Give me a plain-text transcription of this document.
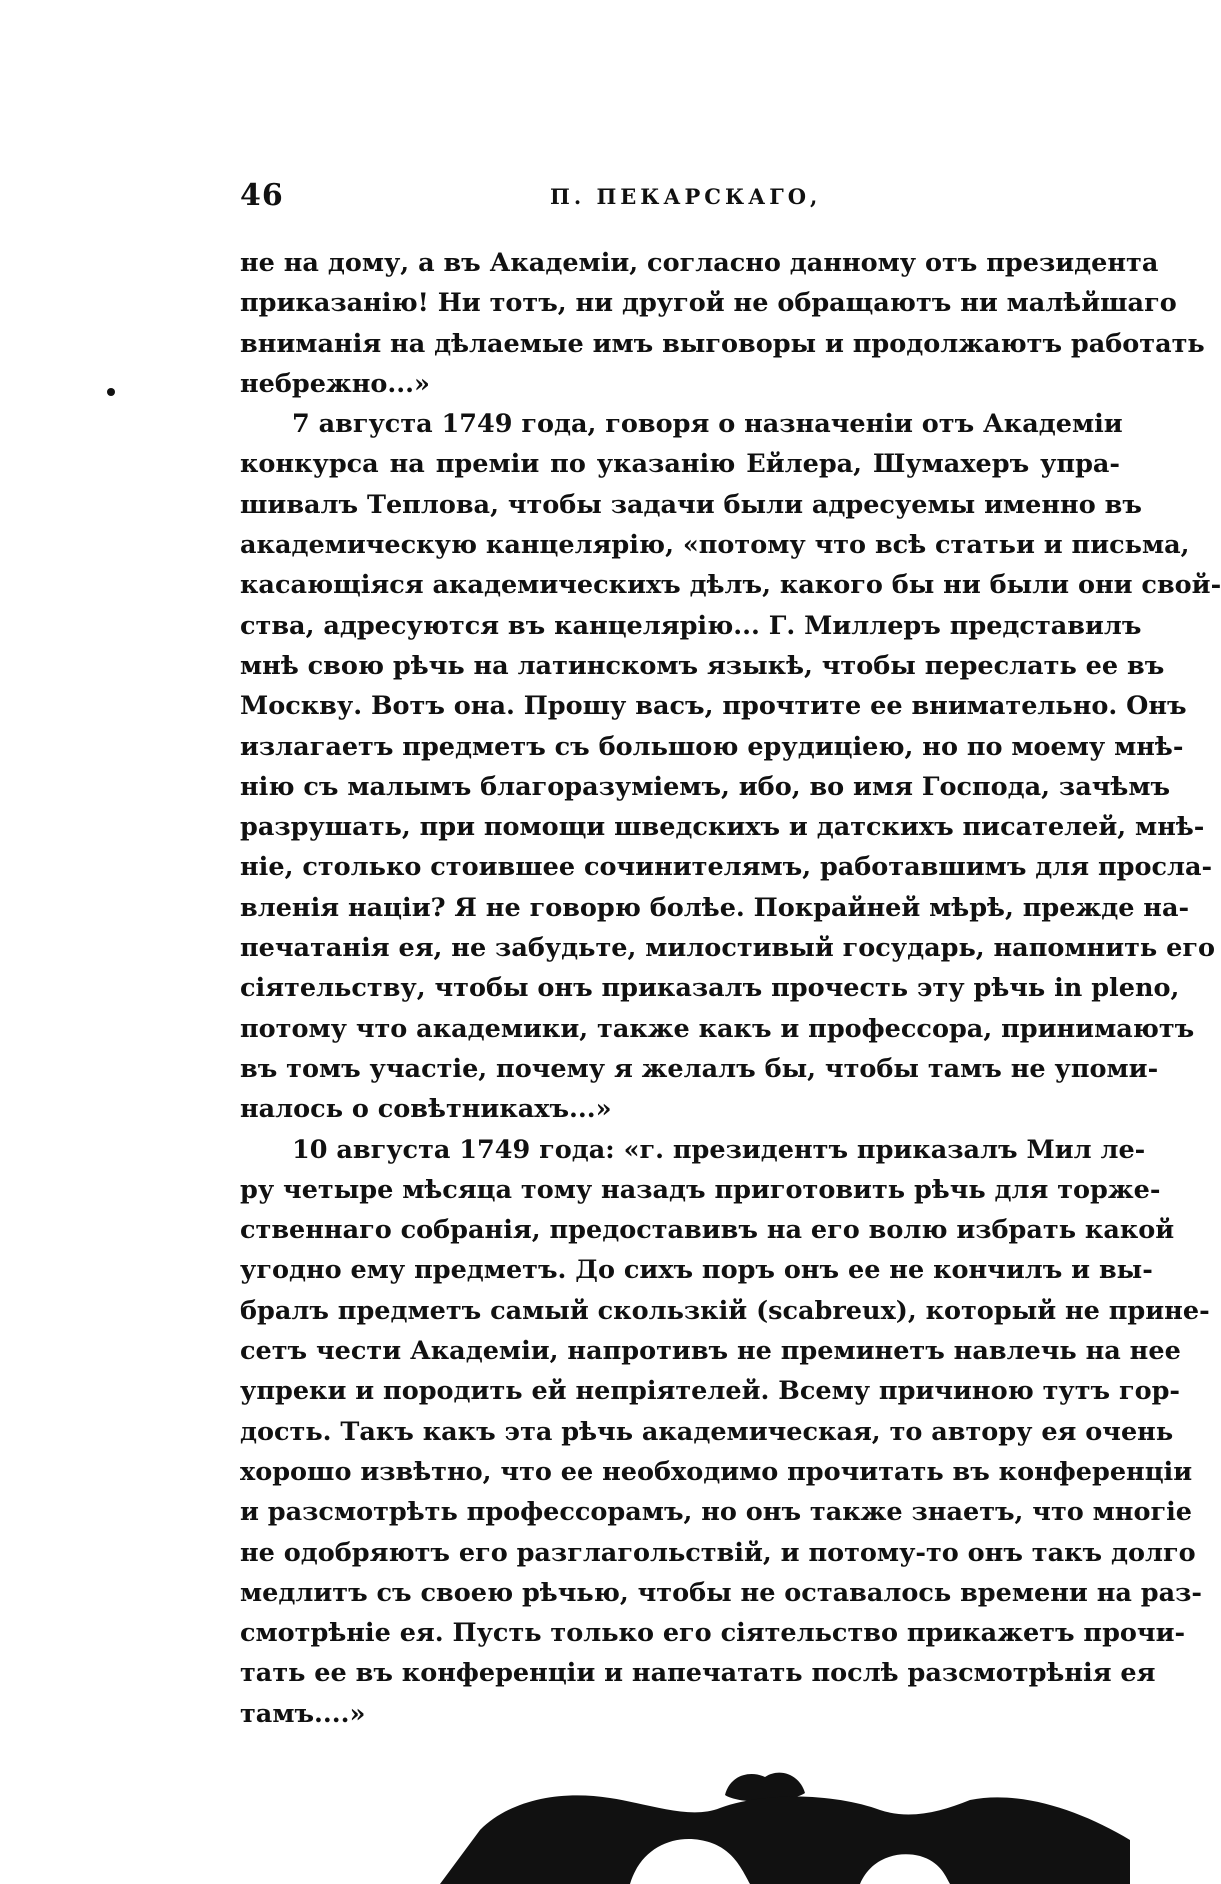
46	П. ПЕКАРСКАГО,
не на дому, а въ Академіи, согласно данному отъ президента
приказанію! Ни тотъ, ни другой не обращаютъ ни малѣйшаго
вниманія на дѣлаемые имъ выговоры и продолжаютъ работать
небрежно...»
7 августа 1749 года, говоря о назначеніи отъ Академіи
конкурса на преміи по указанію Ейлера, Шумахеръ упра-
шивалъ Теплова, чтобы задачи были адресуемы именно въ
академическую канцелярію, «потому что всѣ статьи и письма,
касающіяся академическихъ дѣлъ, какого бы ни были они свой-
ства, адресуются въ канцелярію... Г. Миллеръ представилъ
мнѣ свою рѣчь на латинскомъ языкѣ, чтобы переслать ее въ
Москву. Вотъ она. Прошу васъ, прочтите ее внимательно. Онъ
излагаетъ предметъ съ большою ерудиціею, но по моему мнѣ-
нію съ малымъ благоразуміемъ, ибо, во имя Господа, зачѣмъ
разрушать, при помощи шведскихъ и датскихъ писателей, мнѣ-
ніе, столько стоившее сочинителямъ, работавшимъ для просла-
вленія націи? Я не говорю болѣе. Покрайней мѣрѣ, прежде на-
печатанія ея, не забудьте, милостивый государь, напомнить его
сіятельству, чтобы онъ приказалъ прочесть эту рѣчь in pleno,
потому что академики, также какъ и профессора, принимаютъ
въ томъ участіе, почему я желалъ бы, чтобы тамъ не упоми-
налось о совѣтникахъ...»
10 августа 1749 года: «г. президентъ приказалъ Мил ле-
ру четыре мѣсяца тому назадъ приготовить рѣчь для торже-
ственнаго собранія, предоставивъ на его волю избрать какой
угодно ему предметъ. До сихъ поръ онъ ее не кончилъ и вы-
бралъ предметъ самый скользкій (scabreux), который не прине-
сетъ чести Академіи, напротивъ не преминетъ навлечь на нее
упреки и породить ей непріятелей. Всему причиною тутъ гор-
дость. Такъ какъ эта рѣчь академическая, то автору ея очень
хорошо извѣтно, что ее необходимо прочитать въ конференціи
и разсмотрѣть профессорамъ, но онъ также знаетъ, что многіе
не одобряютъ его разглагольствій, и потому-то онъ такъ долго
медлитъ съ своею рѣчью, чтобы не оставалось времени на раз-
смотрѣніе ея. Пусть только его сіятельство прикажетъ прочи-
тать ее въ конференціи и напечатать послѣ разсмотрѣнія ея
тамъ....»
